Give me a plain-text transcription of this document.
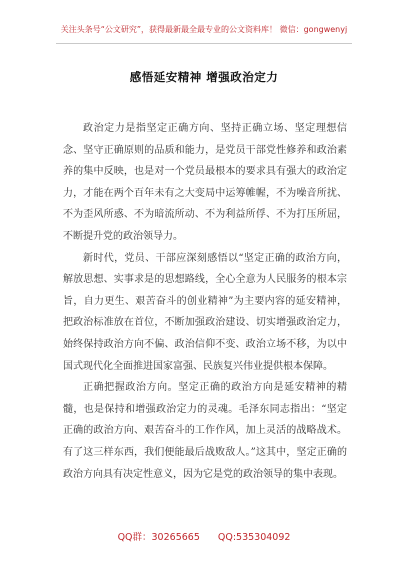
关注头条号“公文研究”，获得最新最全最专业的公文资料库！ 微信：gongwenyj
感悟延安精神 增强政治定力

政治定力是指坚定正确方向、坚持正确立场、坚定理想信念、坚守正确原则的品质和能力，是党员干部党性修养和政治素养的集中反映，也是对一个党员最根本的要求具有强大的政治定力，才能在两个百年未有之大变局中运筹帷幄，不为噪音所扰、不为歪风所惑、不为暗流所动、不为利益所俘、不为打压所屈，不断提升党的政治领导力。

新时代，党员、干部应深刻感悟以“坚定正确的政治方向，解放思想、实事求是的思想路线，全心全意为人民服务的根本宗旨，自力更生、艰苦奋斗的创业精神”为主要内容的延安精神，把政治标准放在首位，不断加强政治建设、切实增强政治定力，始终保持政治方向不偏、政治信仰不变、政治立场不移，为以中国式现代化全面推进国家富强、民族复兴伟业提供根本保障。

正确把握政治方向。坚定正确的政治方向是延安精神的精髓，也是保持和增强政治定力的灵魂。毛泽东同志指出：“坚定正确的政治方向、艰苦奋斗的工作作风，加上灵活的战略战术。有了这三样东西，我们便能最后战败敌人。”这其中，坚定正确的政治方向具有决定性意义，因为它是党的政治领导的集中表现。

QQ群：30265665 QQ:535304092
